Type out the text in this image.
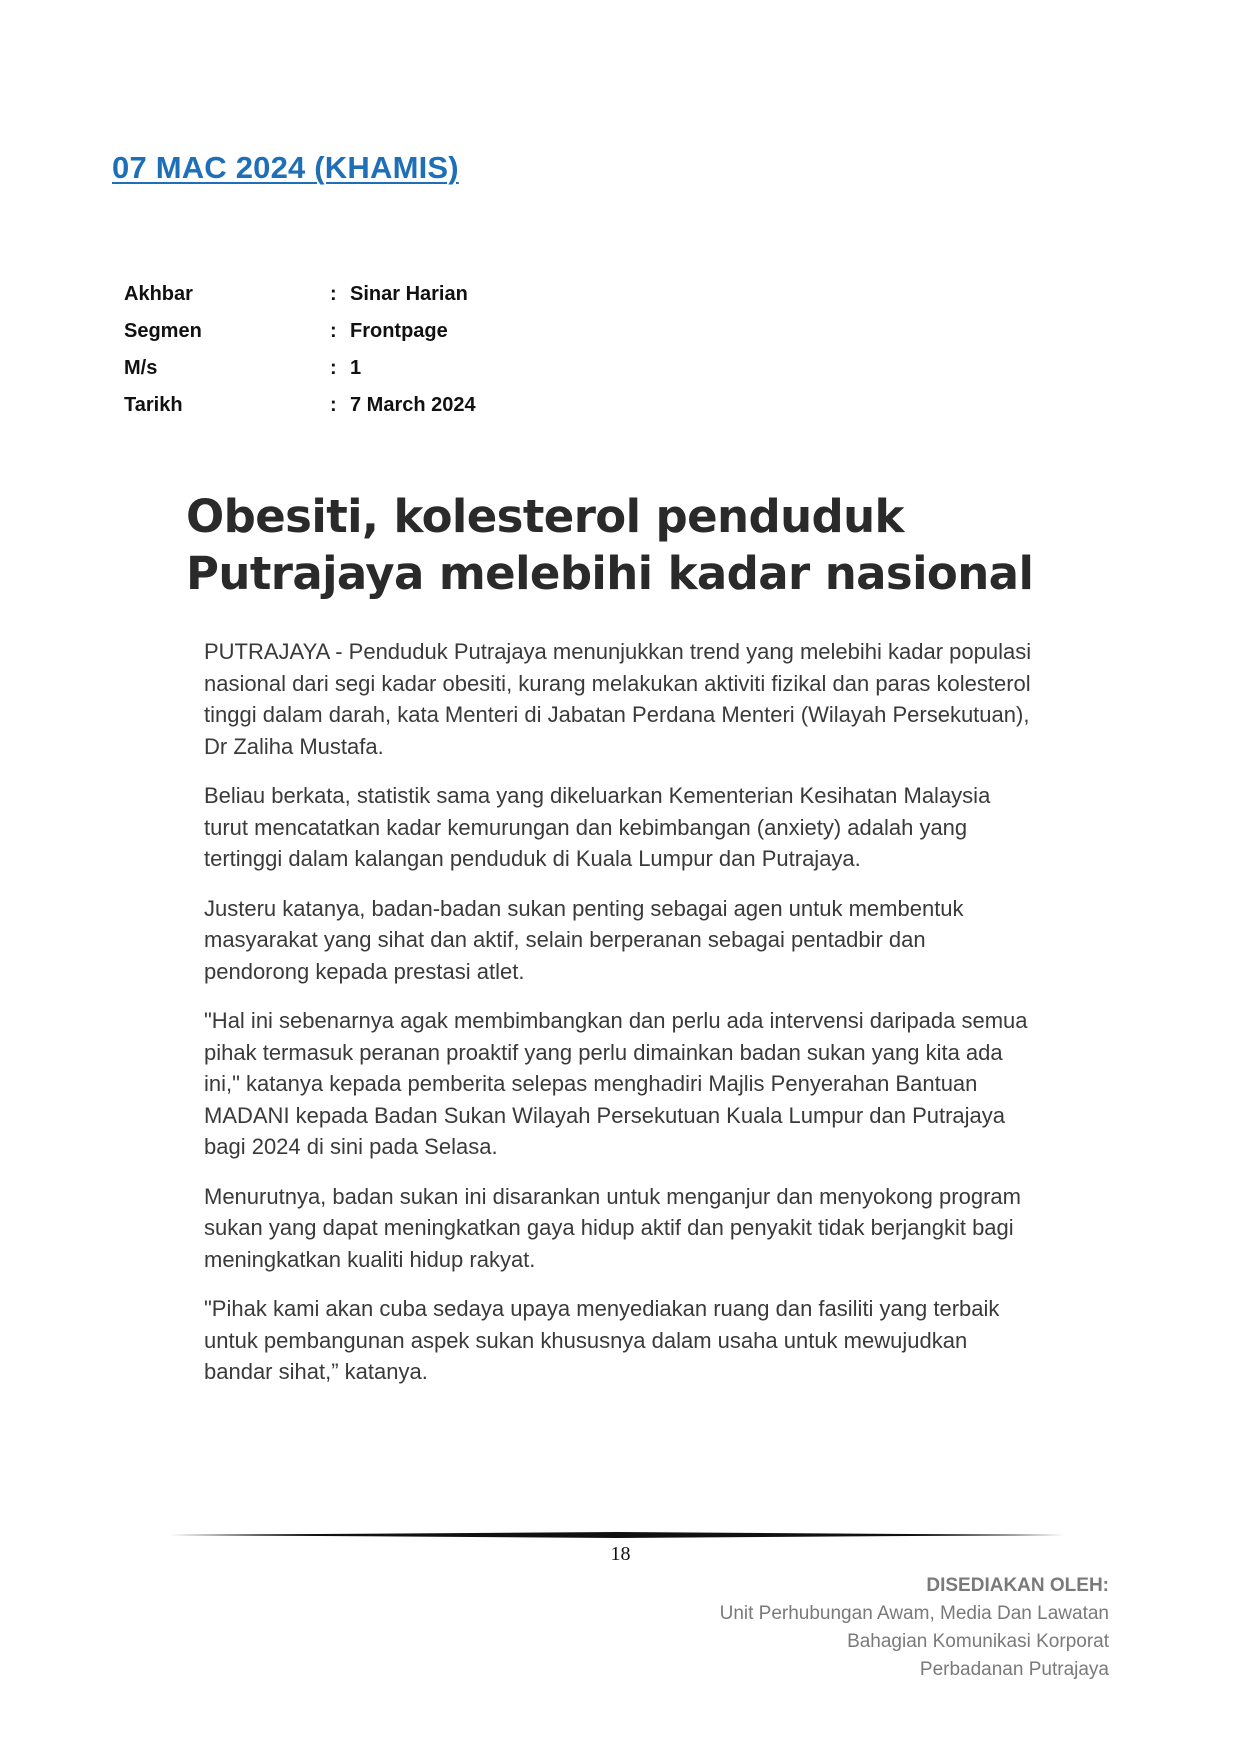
07 MAC 2024 (KHAMIS)
Akhbar	: Sinar Harian
Segmen	: Frontpage
M/s	: 1
Tarikh	: 7 March 2024
Obesiti, kolesterol penduduk
Putrajaya melebihi kadar nasional

PUTRAJAYA - Penduduk Putrajaya menunjukkan trend yang melebihi kadar populasi nasional dari segi kadar obesiti, kurang melakukan aktiviti fizikal dan paras kolesterol tinggi dalam darah, kata Menteri di Jabatan Perdana Menteri (Wilayah Persekutuan), Dr Zaliha Mustafa.

Beliau berkata, statistik sama yang dikeluarkan Kementerian Kesihatan Malaysia turut mencatatkan kadar kemurungan dan kebimbangan (anxiety) adalah yang tertinggi dalam kalangan penduduk di Kuala Lumpur dan Putrajaya.

Justeru katanya, badan-badan sukan penting sebagai agen untuk membentuk masyarakat yang sihat dan aktif, selain berperanan sebagai pentadbir dan pendorong kepada prestasi atlet.

"Hal ini sebenarnya agak membimbangkan dan perlu ada intervensi daripada semua pihak termasuk peranan proaktif yang perlu dimainkan badan sukan yang kita ada ini," katanya kepada pemberita selepas menghadiri Majlis Penyerahan Bantuan MADANI kepada Badan Sukan Wilayah Persekutuan Kuala Lumpur dan Putrajaya bagi 2024 di sini pada Selasa.

Menurutnya, badan sukan ini disarankan untuk menganjur dan menyokong program sukan yang dapat meningkatkan gaya hidup aktif dan penyakit tidak berjangkit bagi meningkatkan kualiti hidup rakyat.

"Pihak kami akan cuba sedaya upaya menyediakan ruang dan fasiliti yang terbaik untuk pembangunan aspek sukan khususnya dalam usaha untuk mewujudkan bandar sihat,” katanya.

18
DISEDIAKAN OLEH:
Unit Perhubungan Awam, Media Dan Lawatan
Bahagian Komunikasi Korporat
Perbadanan Putrajaya
